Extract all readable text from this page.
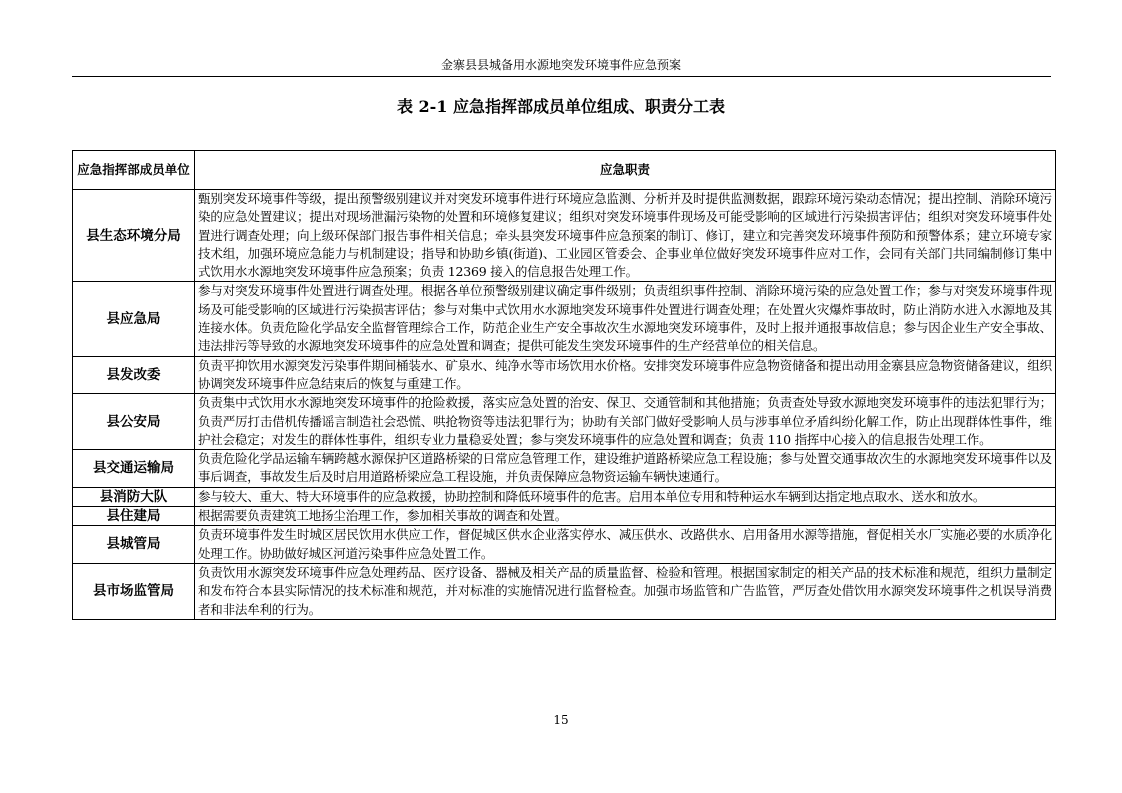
金寨县县城备用水源地突发环境事件应急预案
表 2-1 应急指挥部成员单位组成、职责分工表
应急指挥部成员单位	应急职责
县生态环境分局	甄别突发环境事件等级，提出预警级别建议并对突发环境事件进行环境应急监测、分析并及时提供监测数据，跟踪环境污染动态情况；提出控制、消除环境污染的应急处置建议；提出对现场泄漏污染物的处置和环境修复建议；组织对突发环境事件现场及可能受影响的区域进行污染损害评估；组织对突发环境事件处置进行调查处理；向上级环保部门报告事件相关信息；牵头县突发环境事件应急预案的制订、修订，建立和完善突发环境事件预防和预警体系；建立环境专家技术组，加强环境应急能力与机制建设；指导和协助乡镇(街道)、工业园区管委会、企事业单位做好突发环境事件应对工作，会同有关部门共同编制修订集中式饮用水水源地突发环境事件应急预案；负责 12369 接入的信息报告处理工作。
县应急局	参与对突发环境事件处置进行调查处理。根据各单位预警级别建议确定事件级别；负责组织事件控制、消除环境污染的应急处置工作；参与对突发环境事件现场及可能受影响的区域进行污染损害评估；参与对集中式饮用水水源地突发环境事件处置进行调查处理；在处置火灾爆炸事故时，防止消防水进入水源地及其连接水体。负责危险化学品安全监督管理综合工作，防范企业生产安全事故次生水源地突发环境事件，及时上报并通报事故信息；参与因企业生产安全事故、违法排污等导致的水源地突发环境事件的应急处置和调查；提供可能发生突发环境事件的生产经营单位的相关信息。
县发改委	负责平抑饮用水源突发污染事件期间桶装水、矿泉水、纯净水等市场饮用水价格。安排突发环境事件应急物资储备和提出动用金寨县应急物资储备建议，组织协调突发环境事件应急结束后的恢复与重建工作。
县公安局	负责集中式饮用水水源地突发环境事件的抢险救援，落实应急处置的治安、保卫、交通管制和其他措施；负责查处导致水源地突发环境事件的违法犯罪行为；负责严厉打击借机传播谣言制造社会恐慌、哄抢物资等违法犯罪行为；协助有关部门做好受影响人员与涉事单位矛盾纠纷化解工作，防止出现群体性事件，维护社会稳定；对发生的群体性事件，组织专业力量稳妥处置；参与突发环境事件的应急处置和调查；负责 110 指挥中心接入的信息报告处理工作。
县交通运输局	负责危险化学品运输车辆跨越水源保护区道路桥梁的日常应急管理工作，建设维护道路桥梁应急工程设施；参与处置交通事故次生的水源地突发环境事件以及事后调查，事故发生后及时启用道路桥梁应急工程设施，并负责保障应急物资运输车辆快速通行。
县消防大队	参与较大、重大、特大环境事件的应急救援，协助控制和降低环境事件的危害。启用本单位专用和特种运水车辆到达指定地点取水、送水和放水。
县住建局	根据需要负责建筑工地扬尘治理工作，参加相关事故的调查和处置。
县城管局	负责环境事件发生时城区居民饮用水供应工作，督促城区供水企业落实停水、减压供水、改路供水、启用备用水源等措施，督促相关水厂实施必要的水质净化处理工作。协助做好城区河道污染事件应急处置工作。
县市场监管局	负责饮用水源突发环境事件应急处理药品、医疗设备、器械及相关产品的质量监督、检验和管理。根据国家制定的相关产品的技术标准和规范，组织力量制定和发布符合本县实际情况的技术标准和规范，并对标准的实施情况进行监督检查。加强市场监管和广告监管，严厉查处借饮用水源突发环境事件之机误导消费者和非法牟利的行为。
15
